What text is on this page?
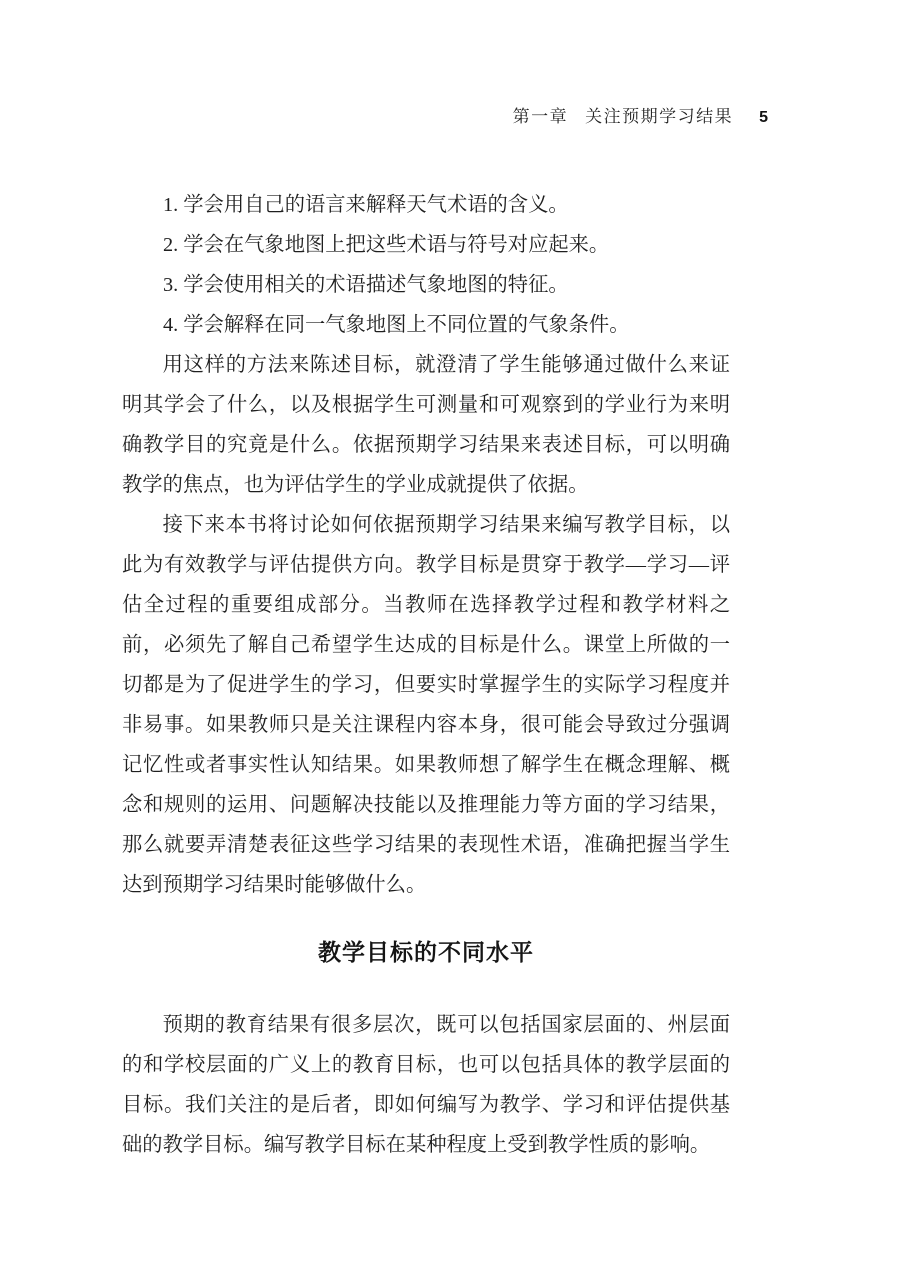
第一章 关注预期学习结果 5
1. 学会用自己的语言来解释天气术语的含义。
2. 学会在气象地图上把这些术语与符号对应起来。
3. 学会使用相关的术语描述气象地图的特征。
4. 学会解释在同一气象地图上不同位置的气象条件。

用这样的方法来陈述目标，就澄清了学生能够通过做什么来证明其学会了什么，以及根据学生可测量和可观察到的学业行为来明确教学目的究竟是什么。依据预期学习结果来表述目标，可以明确教学的焦点，也为评估学生的学业成就提供了依据。

接下来本书将讨论如何依据预期学习结果来编写教学目标，以此为有效教学与评估提供方向。教学目标是贯穿于教学—学习—评估全过程的重要组成部分。当教师在选择教学过程和教学材料之前，必须先了解自己希望学生达成的目标是什么。课堂上所做的一切都是为了促进学生的学习，但要实时掌握学生的实际学习程度并非易事。如果教师只是关注课程内容本身，很可能会导致过分强调记忆性或者事实性认知结果。如果教师想了解学生在概念理解、概念和规则的运用、问题解决技能以及推理能力等方面的学习结果，那么就要弄清楚表征这些学习结果的表现性术语，准确把握当学生达到预期学习结果时能够做什么。

教学目标的不同水平

预期的教育结果有很多层次，既可以包括国家层面的、州层面的和学校层面的广义上的教育目标，也可以包括具体的教学层面的目标。我们关注的是后者，即如何编写为教学、学习和评估提供基础的教学目标。编写教学目标在某种程度上受到教学性质的影响。
